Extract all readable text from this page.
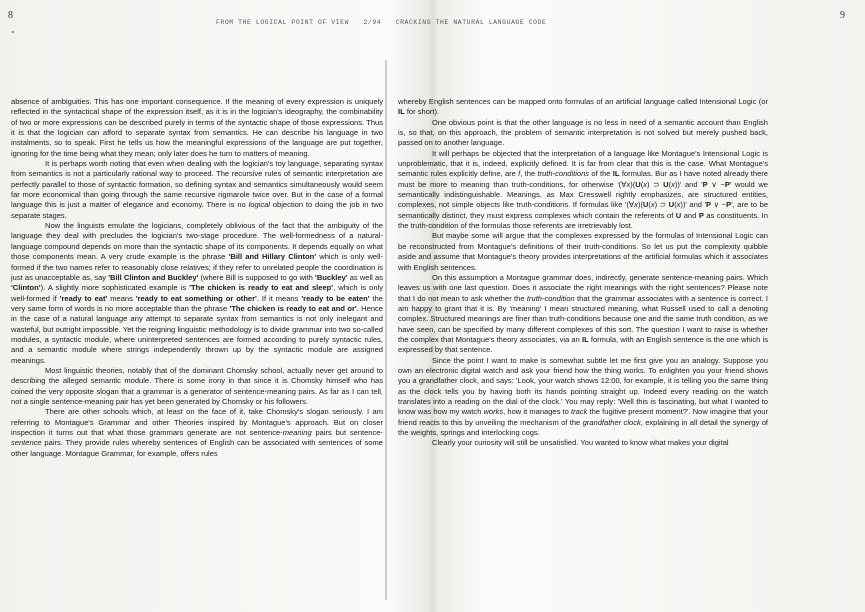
8	9
FROM THE LOGICAL POINT OF VIEW 2/94 CRACKING THE NATURAL LANGUAGE CODE

absence of ambiguities. This has one important consequence. If the meaning of every expression is uniquely reflected in the syntactical shape of the expression itself, as it is in the logician's ideography, the combinability of two or more expressions can be described purely in terms of the syntactic shape of those expressions. Thus it is that the logician can afford to separate syntax from semantics. He can describe his language in two instalments, so to speak. First he tells us how the meaningful expressions of the language are put together, ignoring for the time being what they mean; only later does he turn to matters of meaning.

It is perhaps worth noting that even when dealing with the logician's toy language, separating syntax from semantics is not a particularly rational way to proceed. The recursive rules of semantic interpretation are perfectly parallel to those of syntactic formation, so defining syntax and semantics simultaneously would seem far more economical than going through the same recursive rigmarole twice over. But in the case of a formal language this is just a matter of elegance and economy. There is no logical objection to doing the job in two separate stages.

Now the linguists emulate the logicians, completely oblivious of the fact that the ambiguity of the language they deal with precludes the logician's two-stage procedure. The well-formedness of a natural-language compound depends on more than the syntactic shape of its components. It depends equally on what those components mean. A very crude example is the phrase 'Bill and Hillary Clinton' which is only well-formed if the two names refer to reasonably close relatives; if they refer to unrelated people the coordination is just as unacceptable as, say 'Bill Clinton and Buckley' (where Bill is supposed to go with 'Buckley' as well as 'Clinton'). A slightly more sophisticated example is 'The chicken is ready to eat and sleep', which is only well-formed if 'ready to eat' means 'ready to eat something or other'. If it means 'ready to be eaten' the very same form of words is no more acceptable than the phrase 'The chicken is ready to eat and or'. Hence in the case of a natural language any attempt to separate syntax from semantics is not only inelegant and wasteful, but outright impossible. Yet the reigning linguistic methodology is to divide grammar into two so-called modules, a syntactic module, where uninterpreted sentences are formed according to purely syntactic rules, and a semantic module where strings independently thrown up by the syntactic module are assigned meanings.

Most linguistic theories, notably that of the dominant Chomsky school, actually never get around to describing the alleged semantic module. There is some irony in that since it is Chomsky himself who has coined the very opposite slogan that a grammar is a generator of sentence-meaning pairs. As far as I can tell, not a single sentence-meaning pair has yet been generated by Chomsky or his followers.

There are other schools which, at least on the face of it, take Chomsky's slogan seriously. I am referring to Montague's Grammar and other Theories inspired by Montague's approach. But on closer inspection it turns out that what those grammars generate are not sentence-meaning pairs but sentence-sentence pairs. They provide rules whereby sentences of English can be associated with sentences of some other language. Montague Grammar, for example, offers rules

whereby English sentences can be mapped onto formulas of an artificial language called Intensional Logic (or IL for short).

One obvious point is that the other language is no less in need of a semantic account than English is, so that, on this approach, the problem of semantic interpretation is not solved but merely pushed back, passed on to another language.

It will perhaps be objected that the interpretation of a language like Montague's Intensional Logic is unproblematic, that it is, indeed, explicitly defined. It is far from clear that this is the case. What Montague's semantic rules explicitly define, are f, the truth-conditions of the IL formulas. Bur as I have noted already there must be more to meaning than truth-conditions, for otherwise '(∀x)(U(x) ⊃ U(x))' and 'P ∨ ~P' would we semantically indistinguishable. Meanings, as Max Cresswell rightly emphasizes, are structured entities, complexes, not simple objects like truth-conditions. If formulas like '(∀x)(U(x) ⊃ U(x))' and 'P ∨ ~P', are to be semantically distinct, they must express complexes which contain the referents of U and P as constituents. In the truth-condition of the formulas those referents are irretrievably lost.

But maybe some will argue that the complexes expressed by the formulas of Intensional Logic can be reconstructed from Montague's definitions of their truth-conditions. So let us put the complexity quibble aside and assume that Montague's theory provides interpretations of the artificial formulas which it associates with English sentences.

On this assumption a Montague grammar does, indirectly, generate sentence-meaning pairs. Which leaves us with one last question. Does it associate the right meanings with the right sentences? Please note that I do not mean to ask whether the truth-condition that the grammar associates with a sentence is correct. I am happy to grant that it is. By 'meaning' I mean structured meaning, what Russell used to call a denoting complex. Structured meanings are finer than truth-conditions because one and the same truth condition, as we have seen, can be specified by many different complexes of this sort. The question I want to raise is whether the complex that Montague's theory associates, via an IL formula, with an English sentence is the one which is expressed by that sentence.

Since the point I want to make is somewhat subtle let me first give you an analogy. Suppose you own an electronic digital watch and ask your friend how the thing works. To enlighten you your friend shows you a grandfather clock, and says: 'Look, your watch shows 12:00, for example, it is telling you the same thing as the clock tells you by having both its hands pointing straight up. Indeed every reading on the watch translates into a reading on the dial of the clock.' You may reply: 'Well this is fascinating, but what I wanted to know was how my watch works, how it manages to track the fugitive present moment?'. Now imagine that your friend reacts to this by unveiling the mechanism of the grandfather clock, explaining in all detail the synergy of the weights, springs and interlocking cogs.

Clearly your curiosity will still be unsatisfied. You wanted to know what makes your digital
